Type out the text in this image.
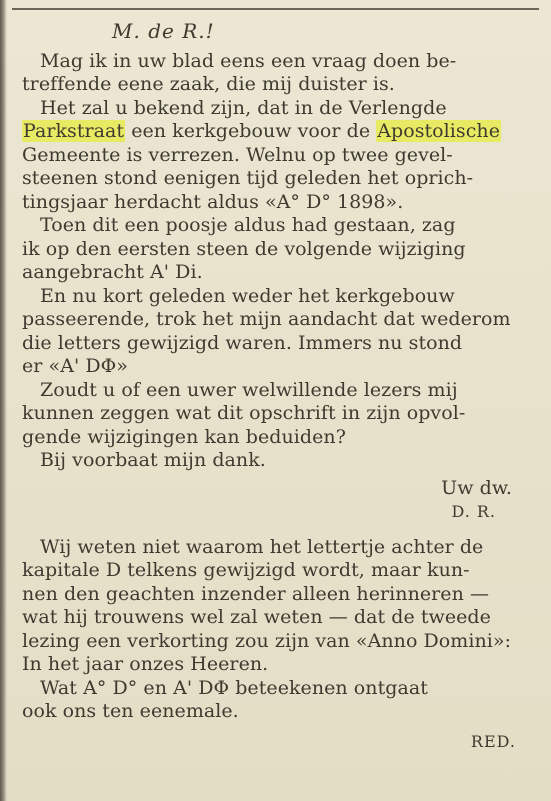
M. de R.!

Mag ik in uw blad eens een vraag doen be-
treffende eene zaak, die mij duister is.

Het zal u bekend zijn, dat in de Verlengde
Parkstraat een kerkgebouw voor de Apostolische
Gemeente is verrezen. Welnu op twee gevel-
steenen stond eenigen tijd geleden het oprich-
tingsjaar herdacht aldus «A° D° 1898».

Toen dit een poosje aldus had gestaan, zag
ik op den eersten steen de volgende wijziging
aangebracht A' Di.

En nu kort geleden weder het kerkgebouw
passeerende, trok het mijn aandacht dat wederom
die letters gewijzigd waren. Immers nu stond
er «A' DΦ»

Zoudt u of een uwer welwillende lezers mij
kunnen zeggen wat dit opschrift in zijn opvol-
gende wijzigingen kan beduiden?

Bij voorbaat mijn dank.

Uw dw.
D. R.

Wij weten niet waarom het lettertje achter de
kapitale D telkens gewijzigd wordt, maar kun-
nen den geachten inzender alleen herinneren —
wat hij trouwens wel zal weten — dat de tweede
lezing een verkorting zou zijn van «Anno Domini»:
In het jaar onzes Heeren.

Wat A° D° en A' DΦ beteekenen ontgaat
ook ons ten eenemale.

RED.
